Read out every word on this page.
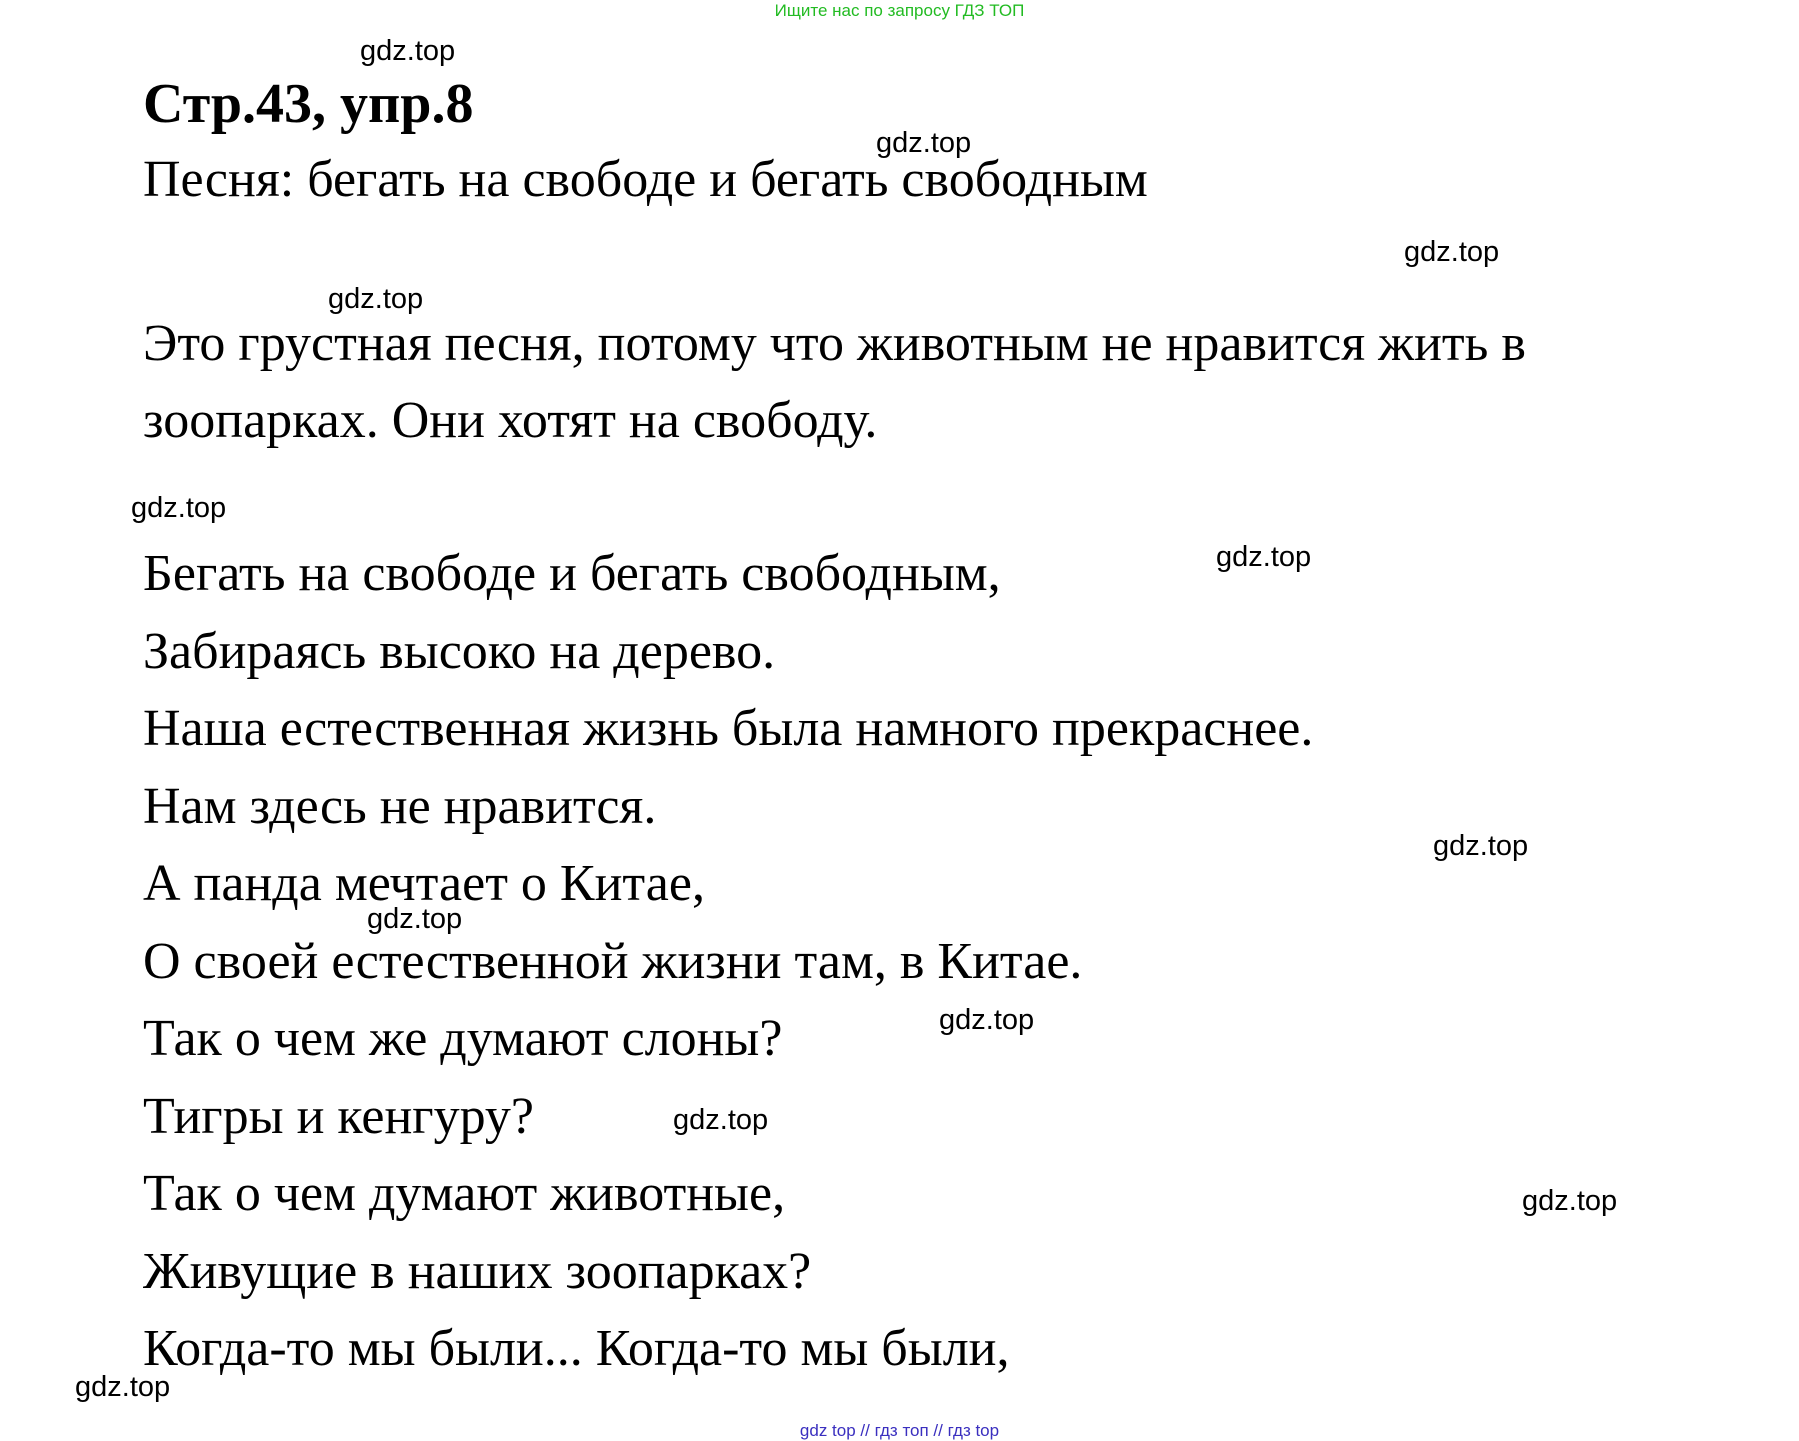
Ищите нас по запросу ГДЗ ТОП
Стр.43, упр.8
Песня: бегать на свободе и бегать свободным
Это грустная песня, потому что животным не нравится жить в
зоопарках. Они хотят на свободу.
Бегать на свободе и бегать свободным,
Забираясь высоко на дерево.
Наша естественная жизнь была намного прекраснее.
Нам здесь не нравится.
А панда мечтает о Китае,
О своей естественной жизни там, в Китае.
Так о чем же думают слоны?
Тигры и кенгуру?
Так о чем думают животные,
Живущие в наших зоопарках?
Когда-то мы были... Когда-то мы были,
gdz.top
gdz.top
gdz.top
gdz.top
gdz.top
gdz.top
gdz.top
gdz.top
gdz.top
gdz.top
gdz.top
gdz.top
gdz top // гдз топ // гдз top
